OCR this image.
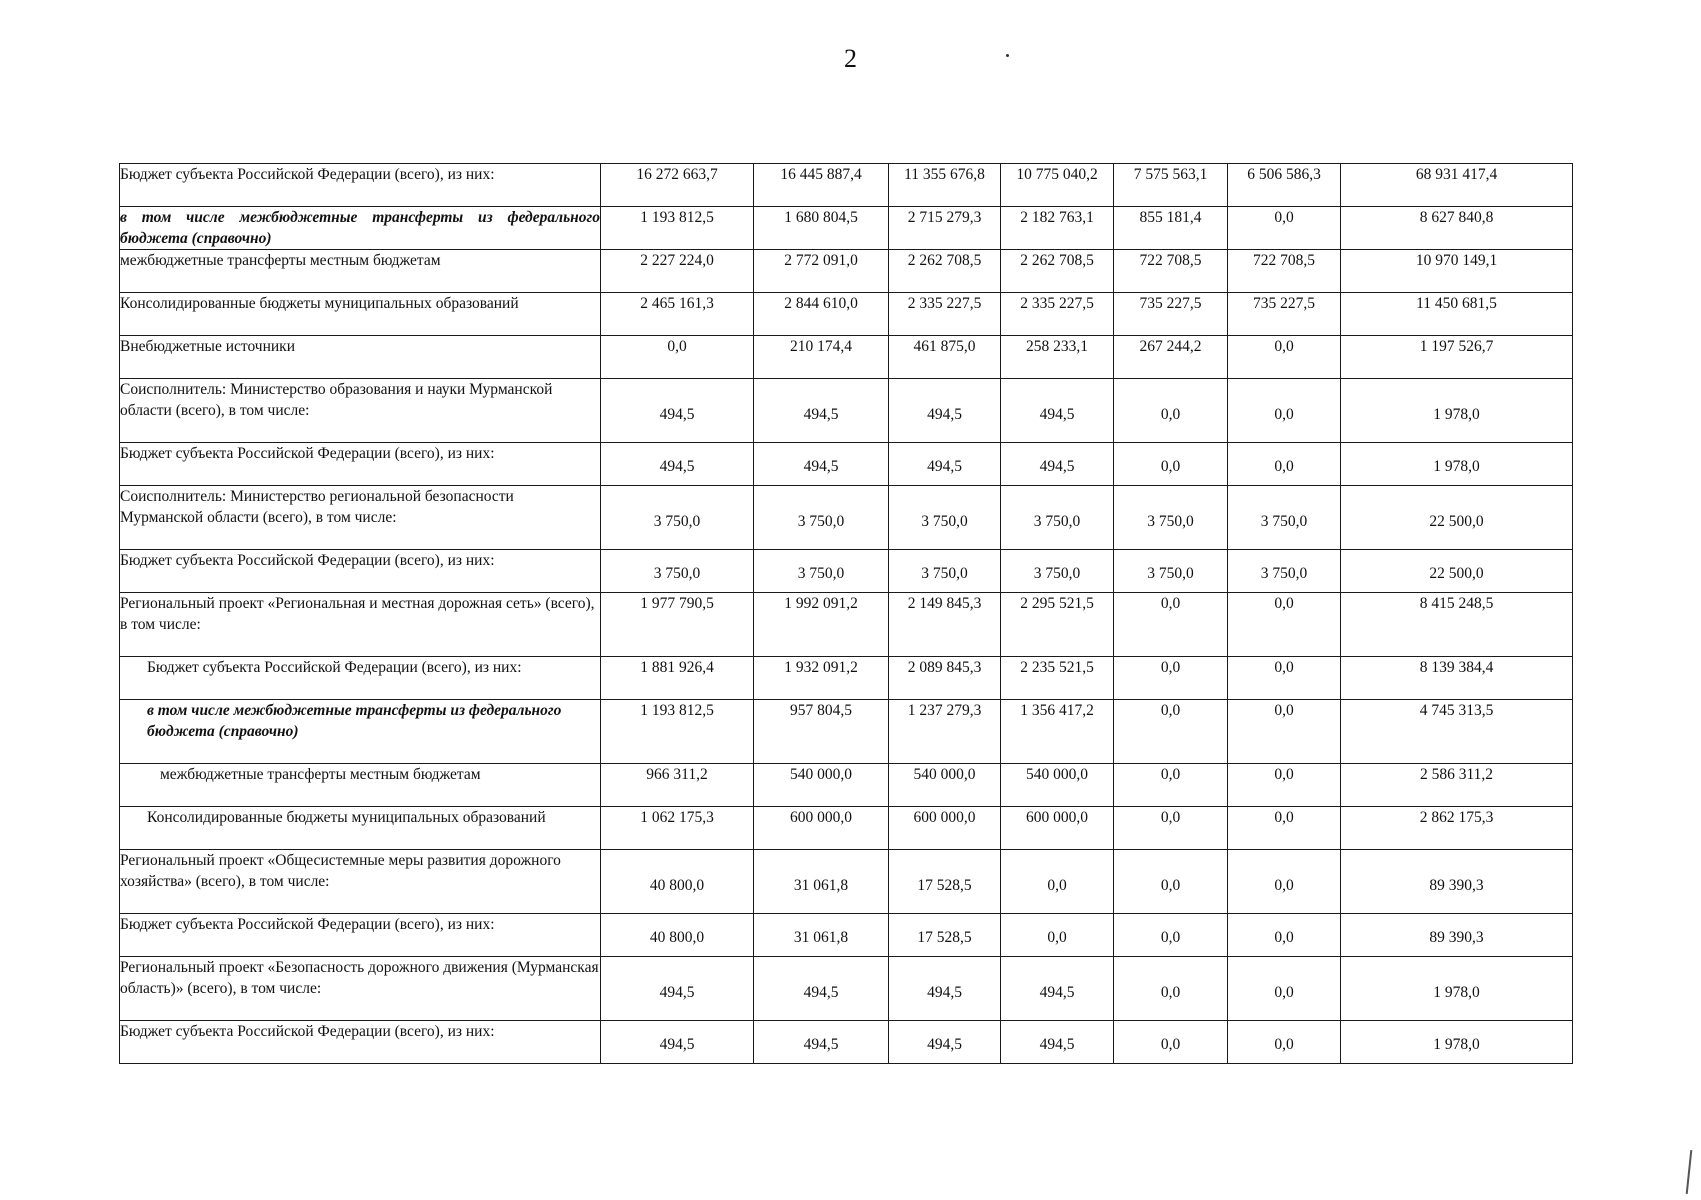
2
Бюджет субъекта Российской Федерации (всего), из них:	16 272 663,7	16 445 887,4	11 355 676,8	10 775 040,2	7 575 563,1	6 506 586,3	68 931 417,4
в том числе межбюджетные трансферты из федерального бюджета (справочно)	1 193 812,5	1 680 804,5	2 715 279,3	2 182 763,1	855 181,4	0,0	8 627 840,8
межбюджетные трансферты местным бюджетам	2 227 224,0	2 772 091,0	2 262 708,5	2 262 708,5	722 708,5	722 708,5	10 970 149,1
Консолидированные бюджеты муниципальных образований	2 465 161,3	2 844 610,0	2 335 227,5	2 335 227,5	735 227,5	735 227,5	11 450 681,5
Внебюджетные источники	0,0	210 174,4	461 875,0	258 233,1	267 244,2	0,0	1 197 526,7
Соисполнитель: Министерство образования и науки Мурманской области (всего), в том числе:	494,5	494,5	494,5	494,5	0,0	0,0	1 978,0
Бюджет субъекта Российской Федерации (всего), из них:	494,5	494,5	494,5	494,5	0,0	0,0	1 978,0
Соисполнитель: Министерство региональной безопасности Мурманской области (всего), в том числе:	3 750,0	3 750,0	3 750,0	3 750,0	3 750,0	3 750,0	22 500,0
Бюджет субъекта Российской Федерации (всего), из них:	3 750,0	3 750,0	3 750,0	3 750,0	3 750,0	3 750,0	22 500,0
Региональный проект «Региональная и местная дорожная сеть» (всего), в том числе:	1 977 790,5	1 992 091,2	2 149 845,3	2 295 521,5	0,0	0,0	8 415 248,5
Бюджет субъекта Российской Федерации (всего), из них:	1 881 926,4	1 932 091,2	2 089 845,3	2 235 521,5	0,0	0,0	8 139 384,4
в том числе межбюджетные трансферты из федерального бюджета (справочно)	1 193 812,5	957 804,5	1 237 279,3	1 356 417,2	0,0	0,0	4 745 313,5
межбюджетные трансферты местным бюджетам	966 311,2	540 000,0	540 000,0	540 000,0	0,0	0,0	2 586 311,2
Консолидированные бюджеты муниципальных образований	1 062 175,3	600 000,0	600 000,0	600 000,0	0,0	0,0	2 862 175,3
Региональный проект «Общесистемные меры развития дорожного хозяйства» (всего), в том числе:	40 800,0	31 061,8	17 528,5	0,0	0,0	0,0	89 390,3
Бюджет субъекта Российской Федерации (всего), из них:	40 800,0	31 061,8	17 528,5	0,0	0,0	0,0	89 390,3
Региональный проект «Безопасность дорожного движения (Мурманская область)» (всего), в том числе:	494,5	494,5	494,5	494,5	0,0	0,0	1 978,0
Бюджет субъекта Российской Федерации (всего), из них:	494,5	494,5	494,5	494,5	0,0	0,0	1 978,0
